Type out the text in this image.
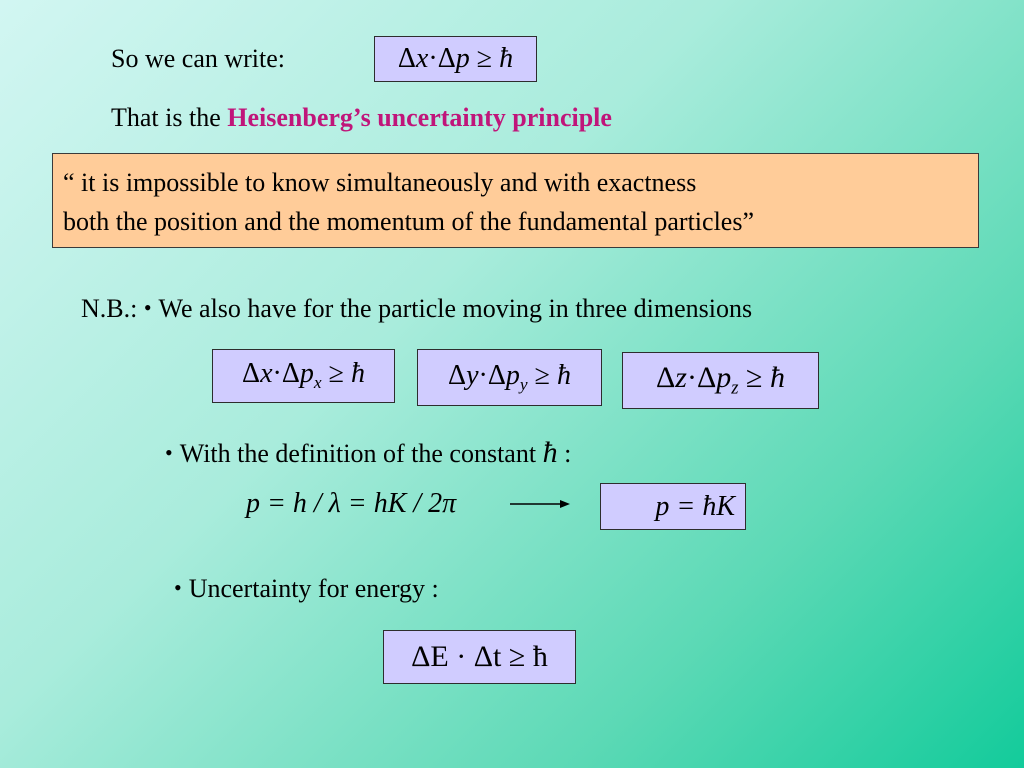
So we can write:	Δx·Δp ≥ ħ
That is the Heisenberg’s uncertainty principle
“ it is impossible to know simultaneously and with exactness
both the position and the momentum of the fundamental particles”
N.B.: • We also have for the particle moving in three dimensions
$\Delta x\cdot\Delta p_x$ ≥ ħ	$\Delta y\cdot\Delta p_y$ ≥ ħ	$\Delta z\cdot\Delta p_z$ ≥ ħ
• With the definition of the constant ħ :
p = h / λ = hK / 2π	p = ħK
• Uncertainty for energy :
ΔE · Δt ≥ ħ
